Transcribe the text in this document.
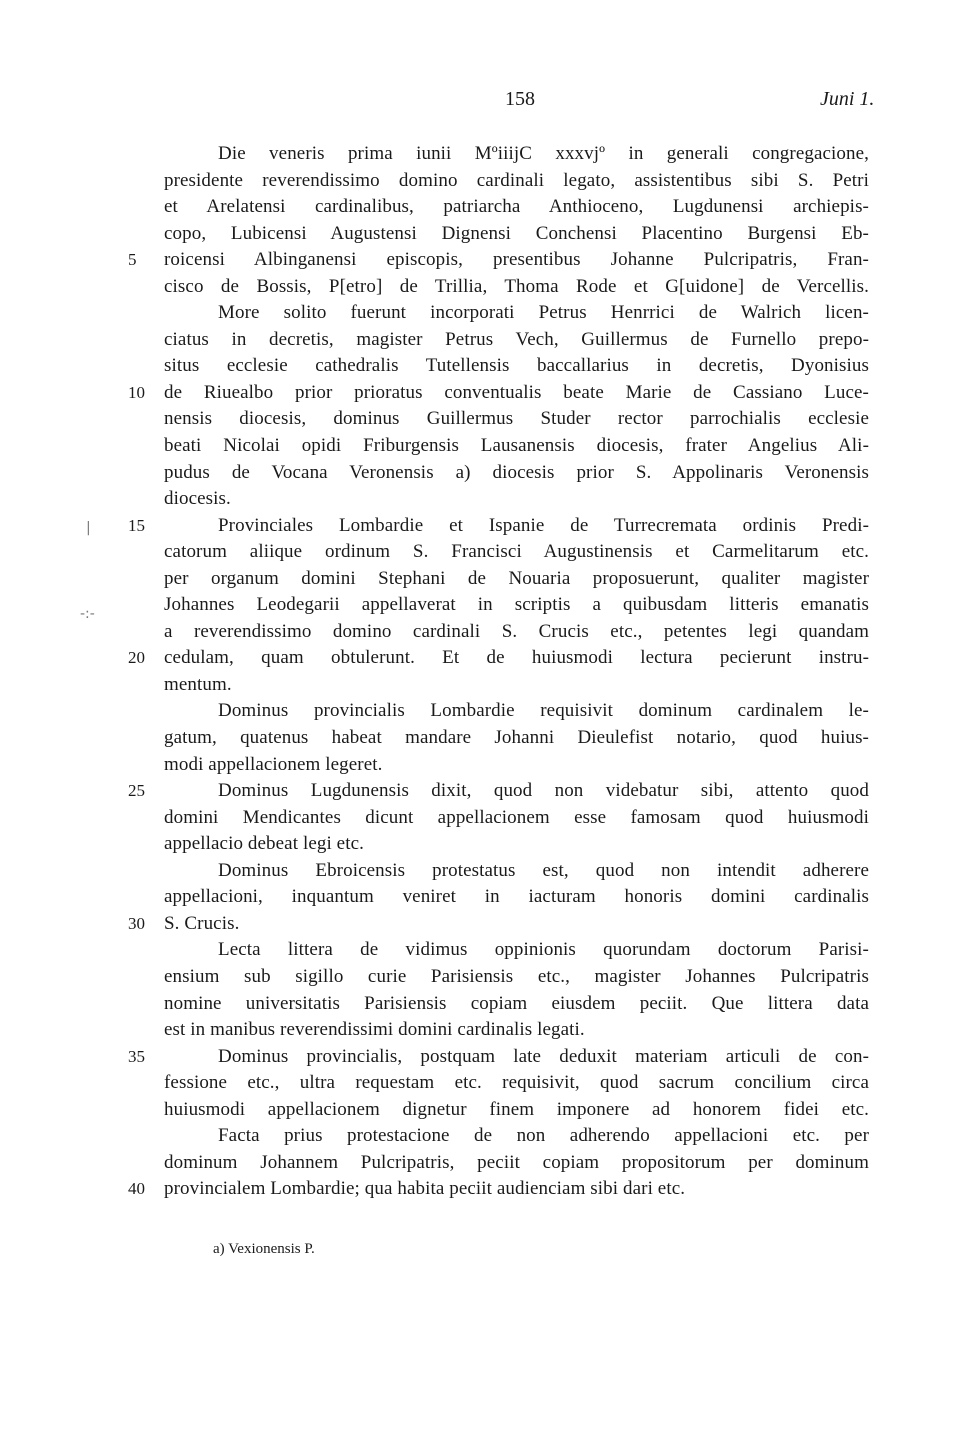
158	Juni 1.
Die veneris prima iunii MºiiijC xxxvjº in generali congregacione,
presidente reverendissimo domino cardinali legato, assistentibus sibi S. Petri
et Arelatensi cardinalibus, patriarcha Anthioceno, Lugdunensi archiepis-
copo, Lubicensi Augustensi Dignensi Conchensi Placentino Burgensi Eb-
5	roicensi Albinganensi episcopis, presentibus Johanne Pulcripatris, Fran-
cisco de Bossis, P[etro] de Trillia, Thoma Rode et G[uidone] de Vercellis.
More solito fuerunt incorporati Petrus Henrrici de Walrich licen-
ciatus in decretis, magister Petrus Vech, Guillermus de Furnello prepo-
situs ecclesie cathedralis Tutellensis baccallarius in decretis, Dyonisius
10	de Riuealbo prior prioratus conventualis beate Marie de Cassiano Luce-
nensis diocesis, dominus Guillermus Studer rector parrochialis ecclesie
beati Nicolai opidi Friburgensis Lausanensis diocesis, frater Angelius Ali-
pudus de Vocana Veronensis a) diocesis prior S. Appolinaris Veronensis
diocesis.
15	Provinciales Lombardie et Ispanie de Turrecremata ordinis Predi-
catorum aliique ordinum S. Francisci Augustinensis et Carmelitarum etc.
per organum domini Stephani de Nouaria proposuerunt, qualiter magister
Johannes Leodegarii appellaverat in scriptis a quibusdam litteris emanatis
a reverendissimo domino cardinali S. Crucis etc., petentes legi quandam
20	cedulam, quam obtulerunt. Et de huiusmodi lectura pecierunt instru-
mentum.
Dominus provincialis Lombardie requisivit dominum cardinalem le-
gatum, quatenus habeat mandare Johanni Dieulefist notario, quod huius-
modi appellacionem legeret.
25	Dominus Lugdunensis dixit, quod non videbatur sibi, attento quod
domini Mendicantes dicunt appellacionem esse famosam quod huiusmodi
appellacio debeat legi etc.
Dominus Ebroicensis protestatus est, quod non intendit adherere
appellacioni, inquantum veniret in iacturam honoris domini cardinalis
30	S. Crucis.
Lecta littera de vidimus oppinionis quorundam doctorum Parisi-
ensium sub sigillo curie Parisiensis etc., magister Johannes Pulcripatris
nomine universitatis Parisiensis copiam eiusdem peciit. Que littera data
est in manibus reverendissimi domini cardinalis legati.
35	Dominus provincialis, postquam late deduxit materiam articuli de con-
fessione etc., ultra requestam etc. requisivit, quod sacrum concilium circa
huiusmodi appellacionem dignetur finem imponere ad honorem fidei etc.
Facta prius protestacione de non adherendo appellacioni etc. per
dominum Johannem Pulcripatris, peciit copiam propositorum per dominum
40	provincialem Lombardie; qua habita peciit audienciam sibi dari etc.
|
-:-
a) Vexionensis P.
